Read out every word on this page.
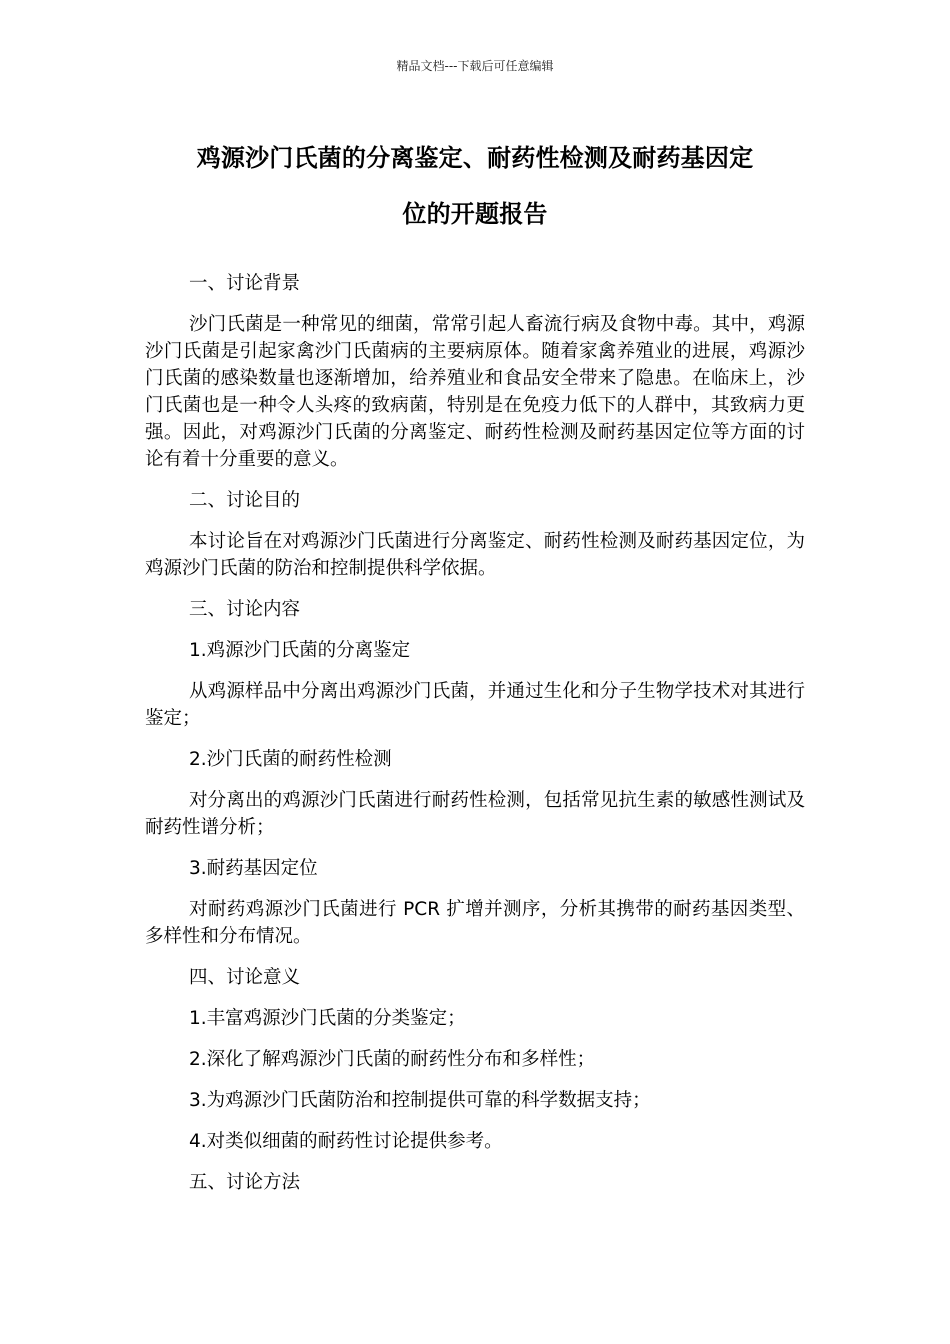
精品文档---下载后可任意编辑
鸡源沙门氏菌的分离鉴定、耐药性检测及耐药基因定
位的开题报告
一、讨论背景
沙门氏菌是一种常见的细菌，常常引起人畜流行病及食物中毒。其中，鸡源沙门氏菌是引起家禽沙门氏菌病的主要病原体。随着家禽养殖业的进展，鸡源沙门氏菌的感染数量也逐渐增加，给养殖业和食品安全带来了隐患。在临床上，沙门氏菌也是一种令人头疼的致病菌，特别是在免疫力低下的人群中，其致病力更强。因此，对鸡源沙门氏菌的分离鉴定、耐药性检测及耐药基因定位等方面的讨论有着十分重要的意义。
二、讨论目的
本讨论旨在对鸡源沙门氏菌进行分离鉴定、耐药性检测及耐药基因定位，为鸡源沙门氏菌的防治和控制提供科学依据。
三、讨论内容
1.鸡源沙门氏菌的分离鉴定
从鸡源样品中分离出鸡源沙门氏菌，并通过生化和分子生物学技术对其进行鉴定；
2.沙门氏菌的耐药性检测
对分离出的鸡源沙门氏菌进行耐药性检测，包括常见抗生素的敏感性测试及耐药性谱分析；
3.耐药基因定位
对耐药鸡源沙门氏菌进行 PCR 扩增并测序，分析其携带的耐药基因类型、多样性和分布情况。
四、讨论意义
1.丰富鸡源沙门氏菌的分类鉴定；
2.深化了解鸡源沙门氏菌的耐药性分布和多样性；
3.为鸡源沙门氏菌防治和控制提供可靠的科学数据支持；
4.对类似细菌的耐药性讨论提供参考。
五、讨论方法
